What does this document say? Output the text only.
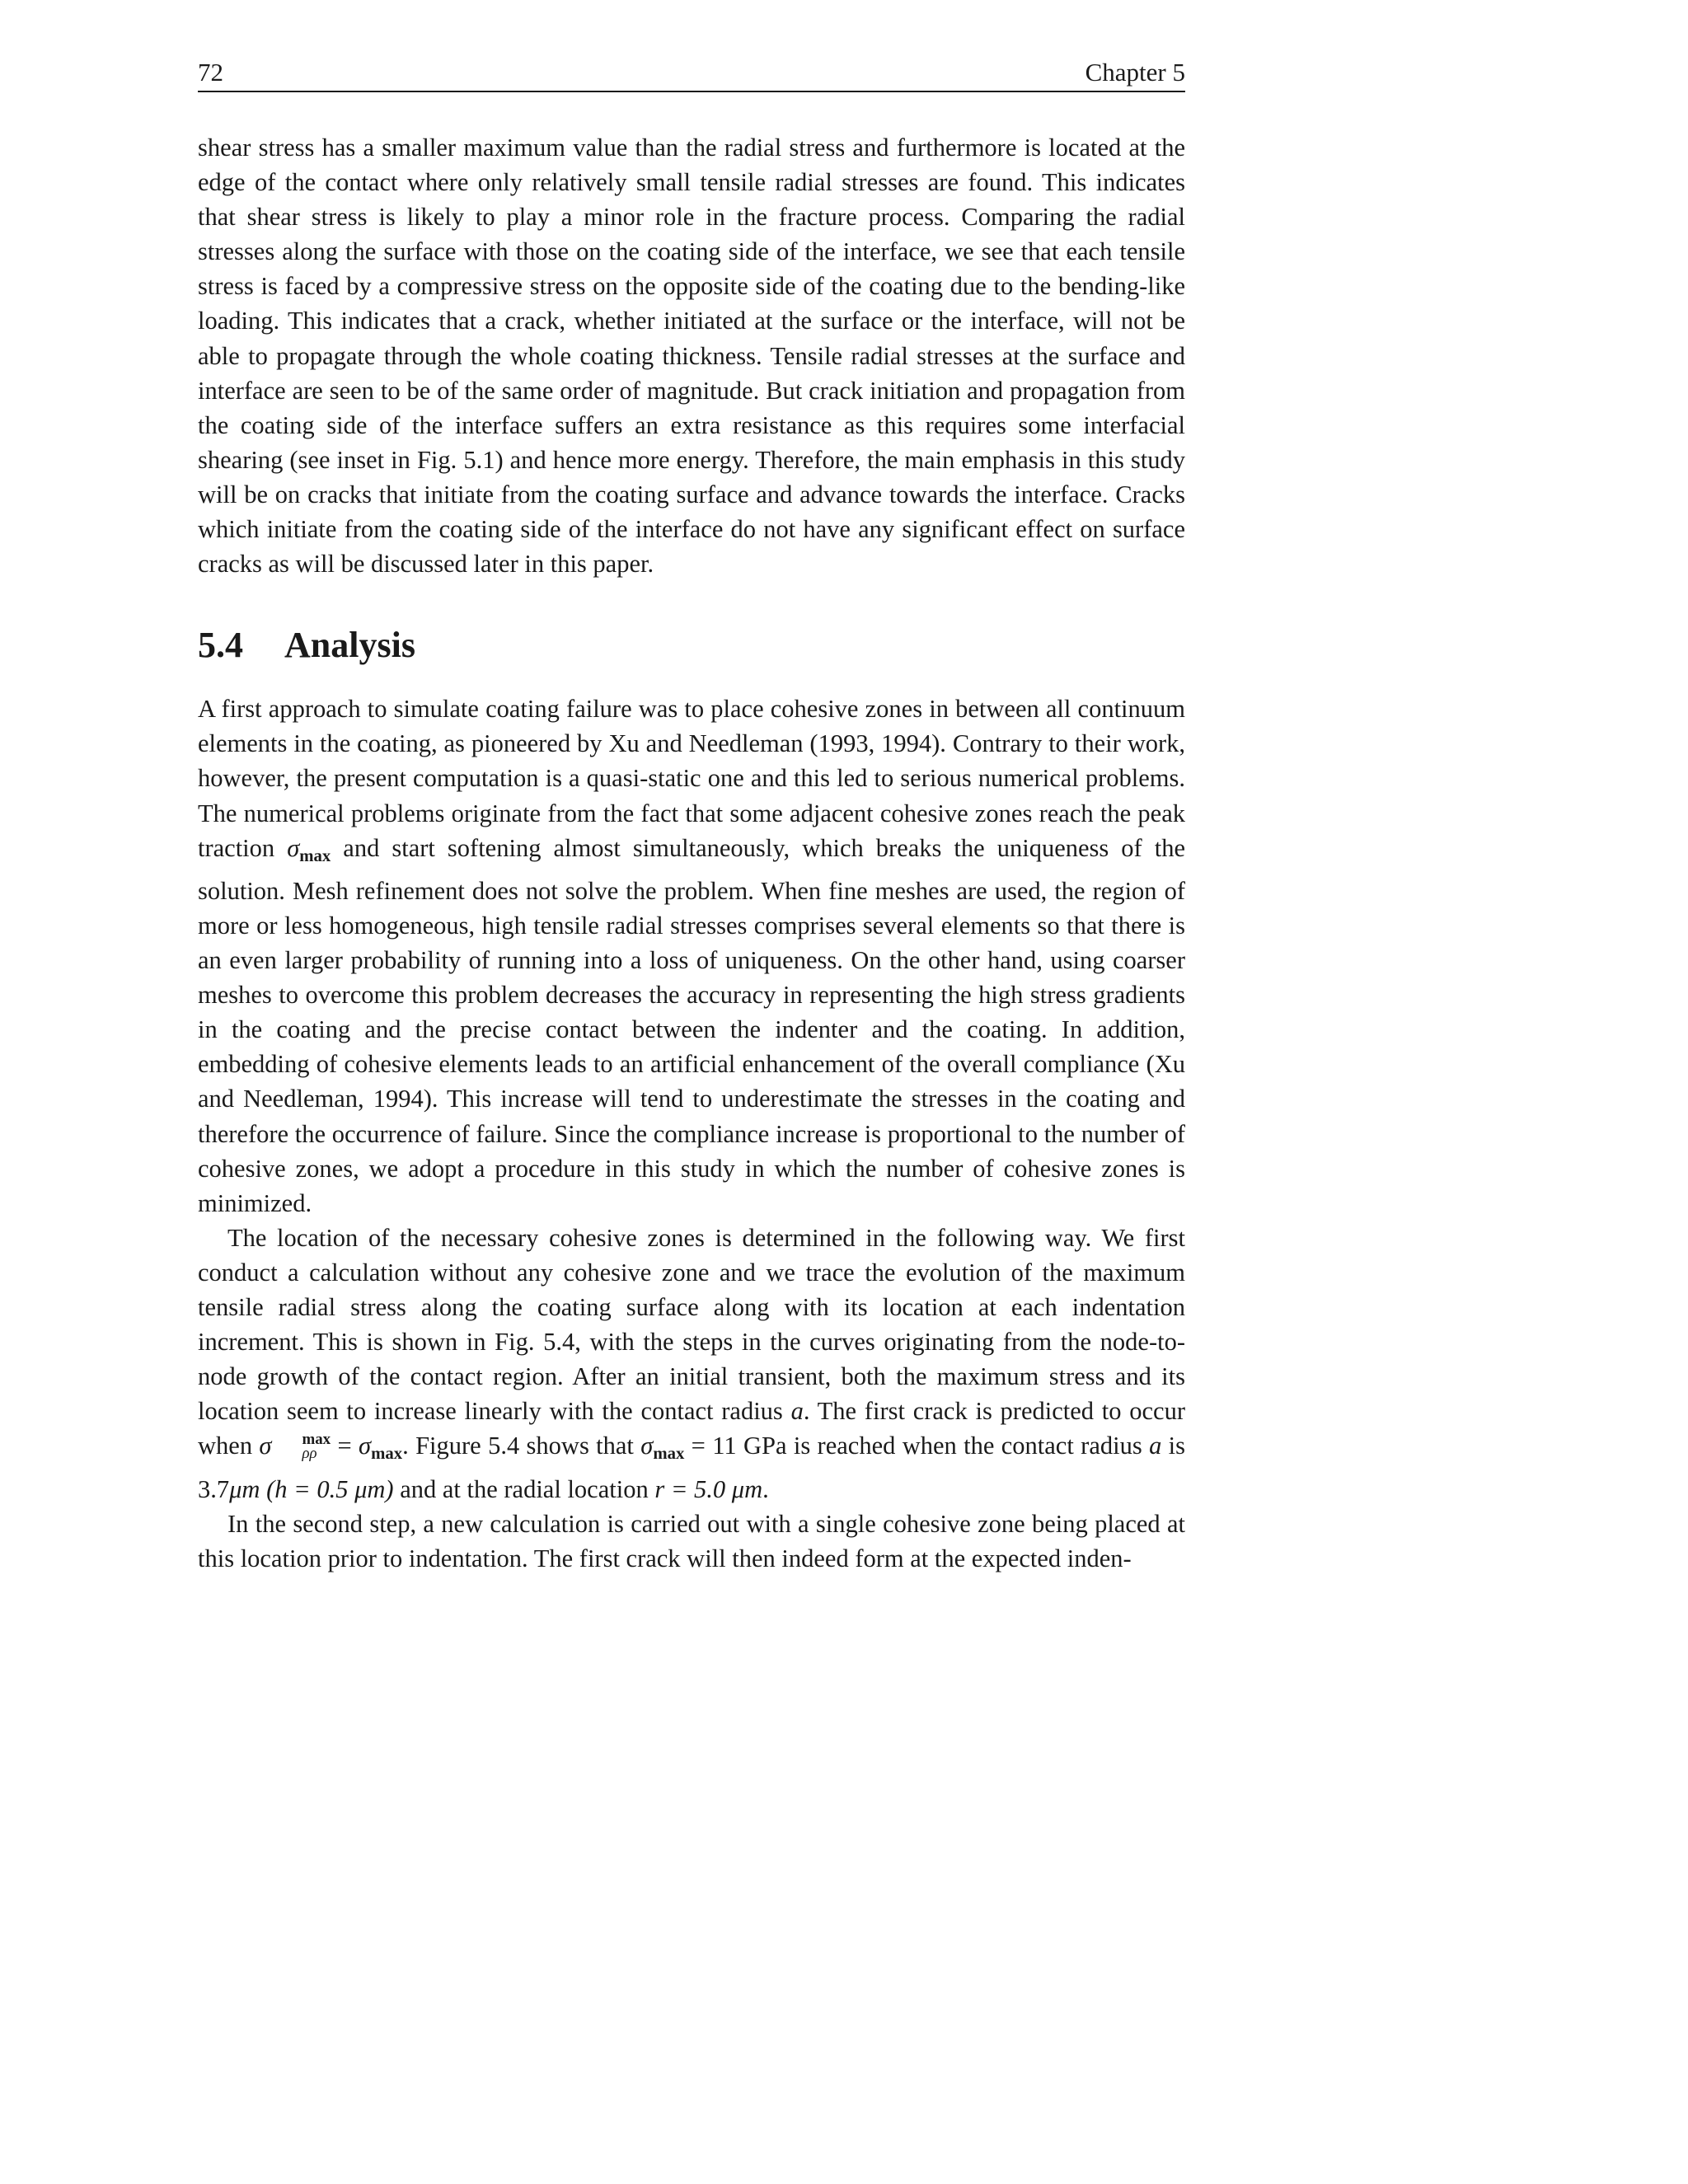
72	Chapter 5

shear stress has a smaller maximum value than the radial stress and furthermore is located at the edge of the contact where only relatively small tensile radial stresses are found. This indicates that shear stress is likely to play a minor role in the fracture process. Comparing the radial stresses along the surface with those on the coating side of the interface, we see that each tensile stress is faced by a compressive stress on the opposite side of the coating due to the bending-like loading. This indicates that a crack, whether initiated at the surface or the interface, will not be able to propagate through the whole coating thickness. Tensile radial stresses at the surface and interface are seen to be of the same order of magnitude. But crack initiation and propagation from the coating side of the interface suffers an extra resistance as this requires some interfacial shearing (see inset in Fig. 5.1) and hence more energy. Therefore, the main emphasis in this study will be on cracks that initiate from the coating surface and advance towards the interface. Cracks which initiate from the coating side of the interface do not have any significant effect on surface cracks as will be discussed later in this paper.

5.4 Analysis

A first approach to simulate coating failure was to place cohesive zones in between all continuum elements in the coating, as pioneered by Xu and Needleman (1993, 1994). Contrary to their work, however, the present computation is a quasi-static one and this led to serious numerical problems. The numerical problems originate from the fact that some adjacent cohesive zones reach the peak traction $\sigma_{max}$ and start softening almost simultaneously, which breaks the uniqueness of the solution. Mesh refinement does not solve the problem. When fine meshes are used, the region of more or less homogeneous, high tensile radial stresses comprises several elements so that there is an even larger probability of running into a loss of uniqueness. On the other hand, using coarser meshes to overcome this problem decreases the accuracy in representing the high stress gradients in the coating and the precise contact between the indenter and the coating. In addition, embedding of cohesive elements leads to an artificial enhancement of the overall compliance (Xu and Needleman, 1994). This increase will tend to underestimate the stresses in the coating and therefore the occurrence of failure. Since the compliance increase is proportional to the number of cohesive zones, we adopt a procedure in this study in which the number of cohesive zones is minimized.

The location of the necessary cohesive zones is determined in the following way. We first conduct a calculation without any cohesive zone and we trace the evolution of the maximum tensile radial stress along the coating surface along with its location at each indentation increment. This is shown in Fig. 5.4, with the steps in the curves originating from the node-to-node growth of the contact region. After an initial transient, both the maximum stress and its location seem to increase linearly with the contact radius a. The first crack is predicted to occur when σ	max
$\rho\rho = \sigma_{max}$. Figure 5.4 shows that $\sigma_{max} = 11$ GPa is reached when the contact radius a is 3.7μm (h = 0.5 μm) and at the radial location r = 5.0 μm.

In the second step, a new calculation is carried out with a single cohesive zone being placed at this location prior to indentation. The first crack will then indeed form at the expected inden-
